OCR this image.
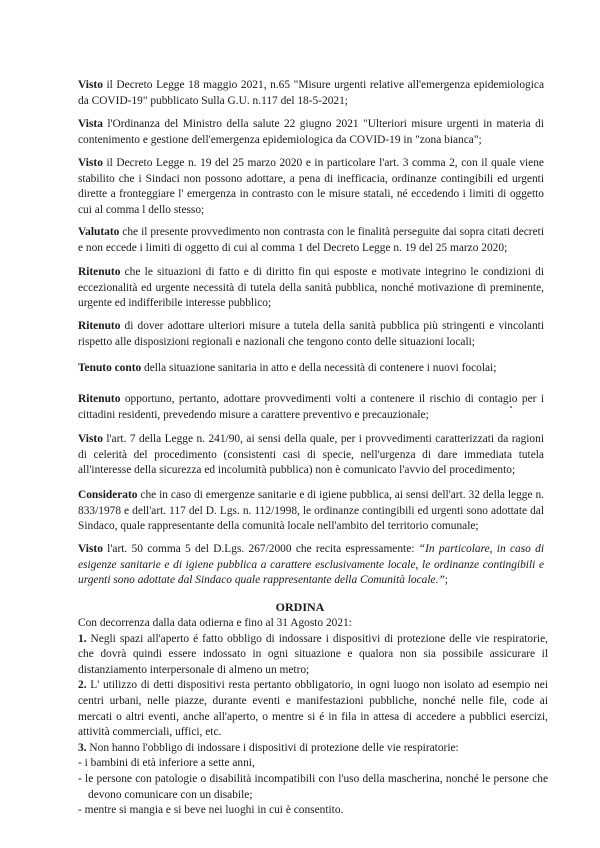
Visto il Decreto Legge 18 maggio 2021, n.65 "Misure urgenti relative all'emergenza epidemiologica da COVID-19" pubblicato Sulla G.U. n.117 del 18-5-2021;

Vista l'Ordinanza del Ministro della salute 22 giugno 2021 "Ulteriori misure urgenti in materia di contenimento e gestione dell'emergenza epidemiologica da COVID-19 in "zona bianca";

Visto il Decreto Legge n. 19 del 25 marzo 2020 e in particolare l'art. 3 comma 2, con il quale viene stabilito che i Sindaci non possono adottare, a pena di inefficacia, ordinanze contingibili ed urgenti dirette a fronteggiare l' emergenza in contrasto con le misure statali, né eccedendo i limiti di oggetto cui al comma l dello stesso;

Valutato che il presente provvedimento non contrasta con le finalità perseguite dai sopra citati decreti e non eccede i limiti di oggetto di cui al comma 1 del Decreto Legge n. 19 del 25 marzo 2020;

Ritenuto che le situazioni di fatto e di diritto fin qui esposte e motivate integrino le condizioni di eccezionalità ed urgente necessità di tutela della sanità pubblica, nonché motivazione di preminente, urgente ed indifferibile interesse pubblico;

Ritenuto di dover adottare ulteriori misure a tutela della sanità pubblica più stringenti e vincolanti rispetto alle disposizioni regionali e nazionali che tengono conto delle situazioni locali;

Tenuto conto della situazione sanitaria in atto e della necessità di contenere i nuovi focolai;

Ritenuto opportuno, pertanto, adottare provvedimenti volti a contenere il rischio di contagio per i cittadini residenti, prevedendo misure a carattere preventivo e precauzionale;

Visto l'art. 7 della Legge n. 241/90, ai sensi della quale, per i provvedimenti caratterizzati da ragioni di celerità del procedimento (consistenti casi di specie, nell'urgenza di dare immediata tutela all'interesse della sicurezza ed incolumità pubblica) non è comunicato l'avvio del procedimento;

Considerato che in caso di emergenze sanitarie e di igiene pubblica, ai sensi dell'art. 32 della legge n. 833/1978 e dell'art. 117 del D. Lgs. n. 112/1998, le ordinanze contingibili ed urgenti sono adottate dal Sindaco, quale rappresentante della comunità locale nell'ambito del territorio comunale;

Visto l'art. 50 comma 5 del D.Lgs. 267/2000 che recita espressamente: “In particolare, in caso di esigenze sanitarie e di igiene pubblica a carattere esclusivamente locale, le ordinanze contingibili e urgenti sono adottate dal Sindaco quale rappresentante della Comunità locale.”;

ORDINA

Con decorrenza dalla data odierna e fino al 31 Agosto 2021:

1. Negli spazi all'aperto é fatto obbligo di indossare i dispositivi di protezione delle vie respiratorie, che dovrà quindi essere indossato in ogni situazione e qualora non sia possibile assicurare il distanziamento interpersonale di almeno un metro;

2. L' utilizzo di detti dispositivi resta pertanto obbligatorio, in ogni luogo non isolato ad esempio nei centri urbani, nelle piazze, durante eventi e manifestazioni pubbliche, nonché nelle file, code ai mercati o altri eventi, anche all'aperto, o mentre si é in fila in attesa di accedere a pubblici esercizi, attività commerciali, uffici, etc.

3. Non hanno l'obbligo di indossare i dispositivi di protezione delle vie respiratorie:

- i bambini di età inferiore a sette anni,

- le persone con patologie o disabilità incompatibili con l'uso della mascherina, nonché le persone che devono comunicare con un disabile;

- mentre si mangia e si beve nei luoghi in cui è consentito.
